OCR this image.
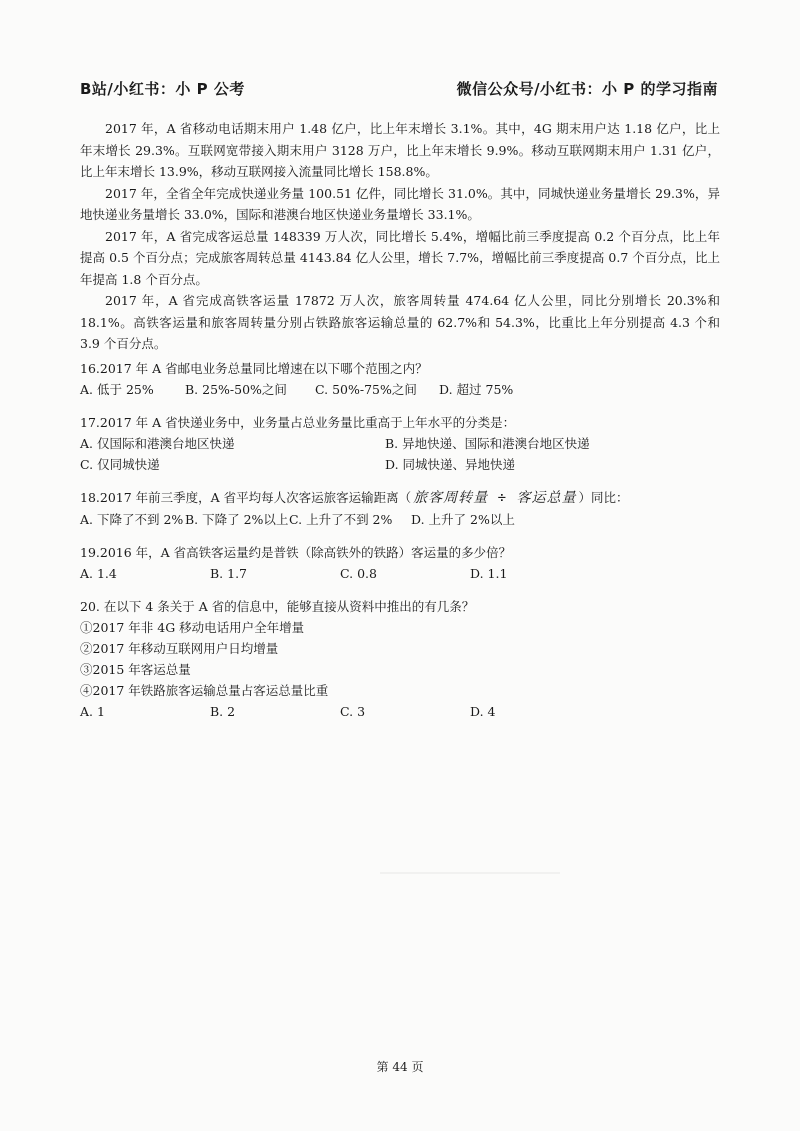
B站/小红书：小 P 公考	微信公众号/小红书：小 P 的学习指南

2017 年，A 省移动电话期末用户 1.48 亿户，比上年末增长 3.1%。其中，4G 期末用户达 1.18 亿户，比上年末增长 29.3%。互联网宽带接入期末用户 3128 万户，比上年末增长 9.9%。移动互联网期末用户 1.31 亿户，比上年末增长 13.9%，移动互联网接入流量同比增长 158.8%。

2017 年，全省全年完成快递业务量 100.51 亿件，同比增长 31.0%。其中，同城快递业务量增长 29.3%，异地快递业务量增长 33.0%，国际和港澳台地区快递业务量增长 33.1%。

2017 年，A 省完成客运总量 148339 万人次，同比增长 5.4%，增幅比前三季度提高 0.2 个百分点，比上年提高 0.5 个百分点；完成旅客周转总量 4143.84 亿人公里，增长 7.7%，增幅比前三季度提高 0.7 个百分点，比上年提高 1.8 个百分点。

2017 年，A 省完成高铁客运量 17872 万人次，旅客周转量 474.64 亿人公里，同比分别增长 20.3%和 18.1%。高铁客运量和旅客周转量分别占铁路旅客运输总量的 62.7%和 54.3%，比重比上年分别提高 4.3 个和 3.9 个百分点。

16.2017 年 A 省邮电业务总量同比增速在以下哪个范围之内？

A. 低于 25%	B. 25%-50%之间	C. 50%-75%之间	D. 超过 75%

17.2017 年 A 省快递业务中，业务量占总业务量比重高于上年水平的分类是：

A. 仅国际和港澳台地区快递	B. 异地快递、国际和港澳台地区快递
C. 仅同城快递	D. 同城快递、异地快递

18.2017 年前三季度，A 省平均每人次客运旅客运输距离（ 旅客周转量 ÷ 客运总量 ）同比：

A. 下降了不到 2% B. 下降了 2%以上 C. 上升了不到 2%	D. 上升了 2%以上

19.2016 年，A 省高铁客运量约是普铁（除高铁外的铁路）客运量的多少倍？

A. 1.4	B. 1.7	C. 0.8	D. 1.1

20. 在以下 4 条关于 A 省的信息中，能够直接从资料中推出的有几条？

①2017 年非 4G 移动电话用户全年增量

②2017 年移动互联网用户日均增量

③2015 年客运总量

④2017 年铁路旅客运输总量占客运总量比重

A. 1	B. 2	C. 3	D. 4
第 44 页
